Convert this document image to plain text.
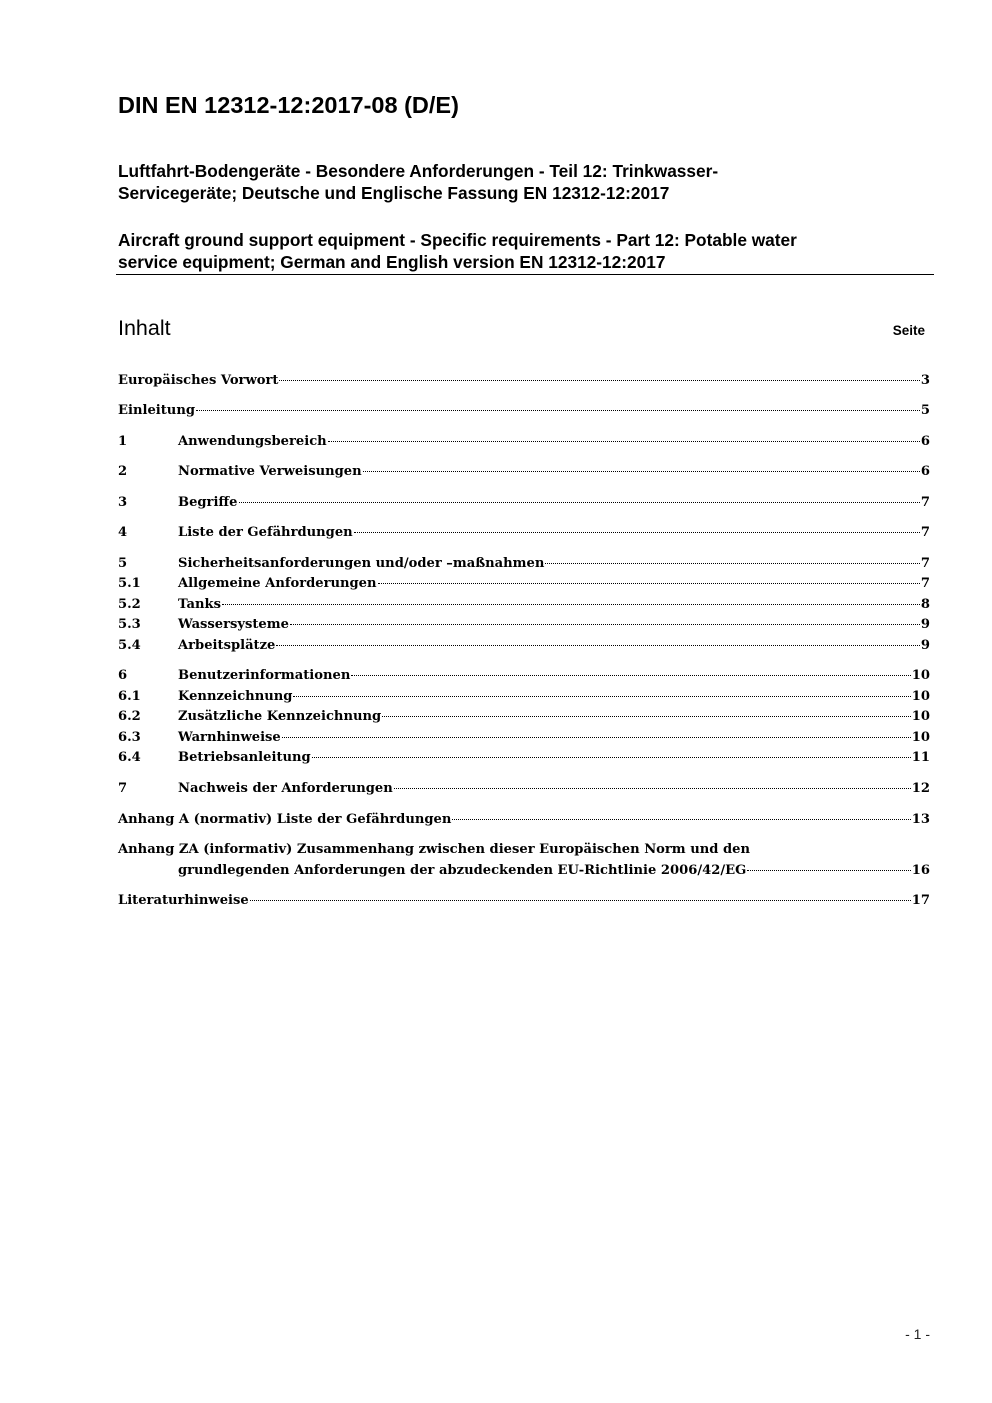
DIN EN 12312-12:2017-08 (D/E)
Luftfahrt-Bodengeräte - Besondere Anforderungen - Teil 12: Trinkwasser-
Servicegeräte; Deutsche und Englische Fassung EN 12312-12:2017
Aircraft ground support equipment - Specific requirements - Part 12: Potable water
service equipment; German and English version EN 12312-12:2017
Inhalt	Seite
Europäisches Vorwort	3
Einleitung	5
1	Anwendungsbereich	6
2	Normative Verweisungen	6
3	Begriffe	7
4	Liste der Gefährdungen	7
5	Sicherheitsanforderungen und/oder –maßnahmen	7
5.1	Allgemeine Anforderungen	7
5.2	Tanks	8
5.3	Wassersysteme	9
5.4	Arbeitsplätze	9
6	Benutzerinformationen	10
6.1	Kennzeichnung	10
6.2	Zusätzliche Kennzeichnung	10
6.3	Warnhinweise	10
6.4	Betriebsanleitung	11
7	Nachweis der Anforderungen	12
Anhang A (normativ) Liste der Gefährdungen	13
Anhang ZA (informativ) Zusammenhang zwischen dieser Europäischen Norm und den
grundlegenden Anforderungen der abzudeckenden EU-Richtlinie 2006/42/EG	16
Literaturhinweise	17
- 1 -
